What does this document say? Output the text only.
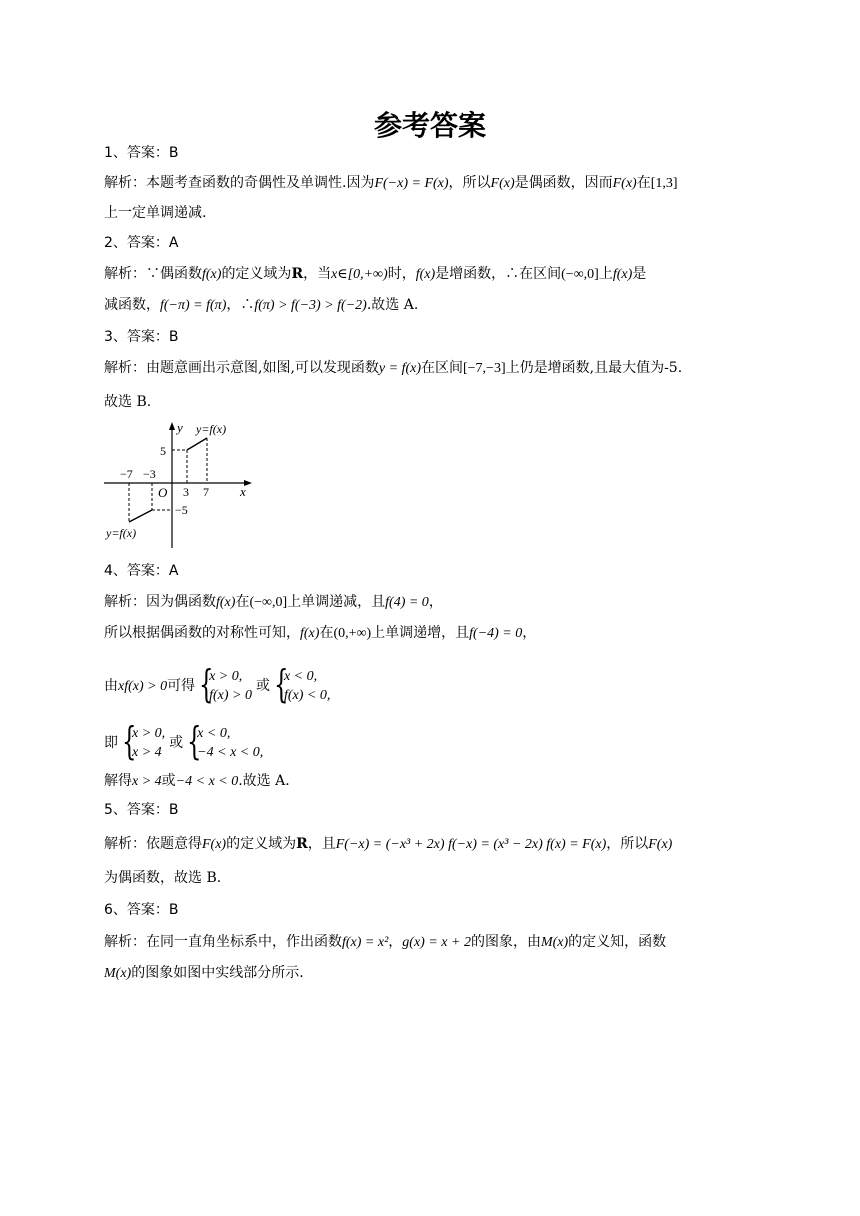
参考答案
1、答案：B
解析：本题考查函数的奇偶性及单调性.因为F(−x) = F(x)，所以F(x)是偶函数，因而F(x)在[1,3]
上一定单调递减.
2、答案：A
解析：∵偶函数f(x)的定义域为R，当x∈[0,+∞)时，f(x)是增函数，∴在区间(−∞,0]上f(x)是
减函数，f(−π) = f(π)，∴f(π) > f(−3) > f(−2).故选 A.
3、答案：B
解析：由题意画出示意图,如图,可以发现函数y = f(x)在区间[−7,−3]上仍是增函数,且最大值为-5.
故选 B.
y
x
O
y=f(x)
y=f(x)
5
−5
3 7
−7 −3
4、答案：A
解析：因为偶函数f(x)在(−∞,0]上单调递减，且f(4) = 0，
所以根据偶函数的对称性可知，f(x)在(0,+∞)上单调递增，且f(−4) = 0，
由xf(x) > 0可得 {
x > 0,
f(x) > 0
或 {
x < 0,
f(x) < 0,
即 {
x > 0,
x > 4
或 {
x < 0,
−4 < x < 0,
解得x > 4或−4 < x < 0.故选 A.
5、答案：B
解析：依题意得F(x)的定义域为R，且F(−x) = (−x³ + 2x) f(−x) = (x³ − 2x) f(x) = F(x)，所以F(x)
为偶函数，故选 B.
6、答案：B
解析：在同一直角坐标系中，作出函数f(x) = x²，g(x) = x + 2的图象，由M(x)的定义知，函数
M(x)的图象如图中实线部分所示.
